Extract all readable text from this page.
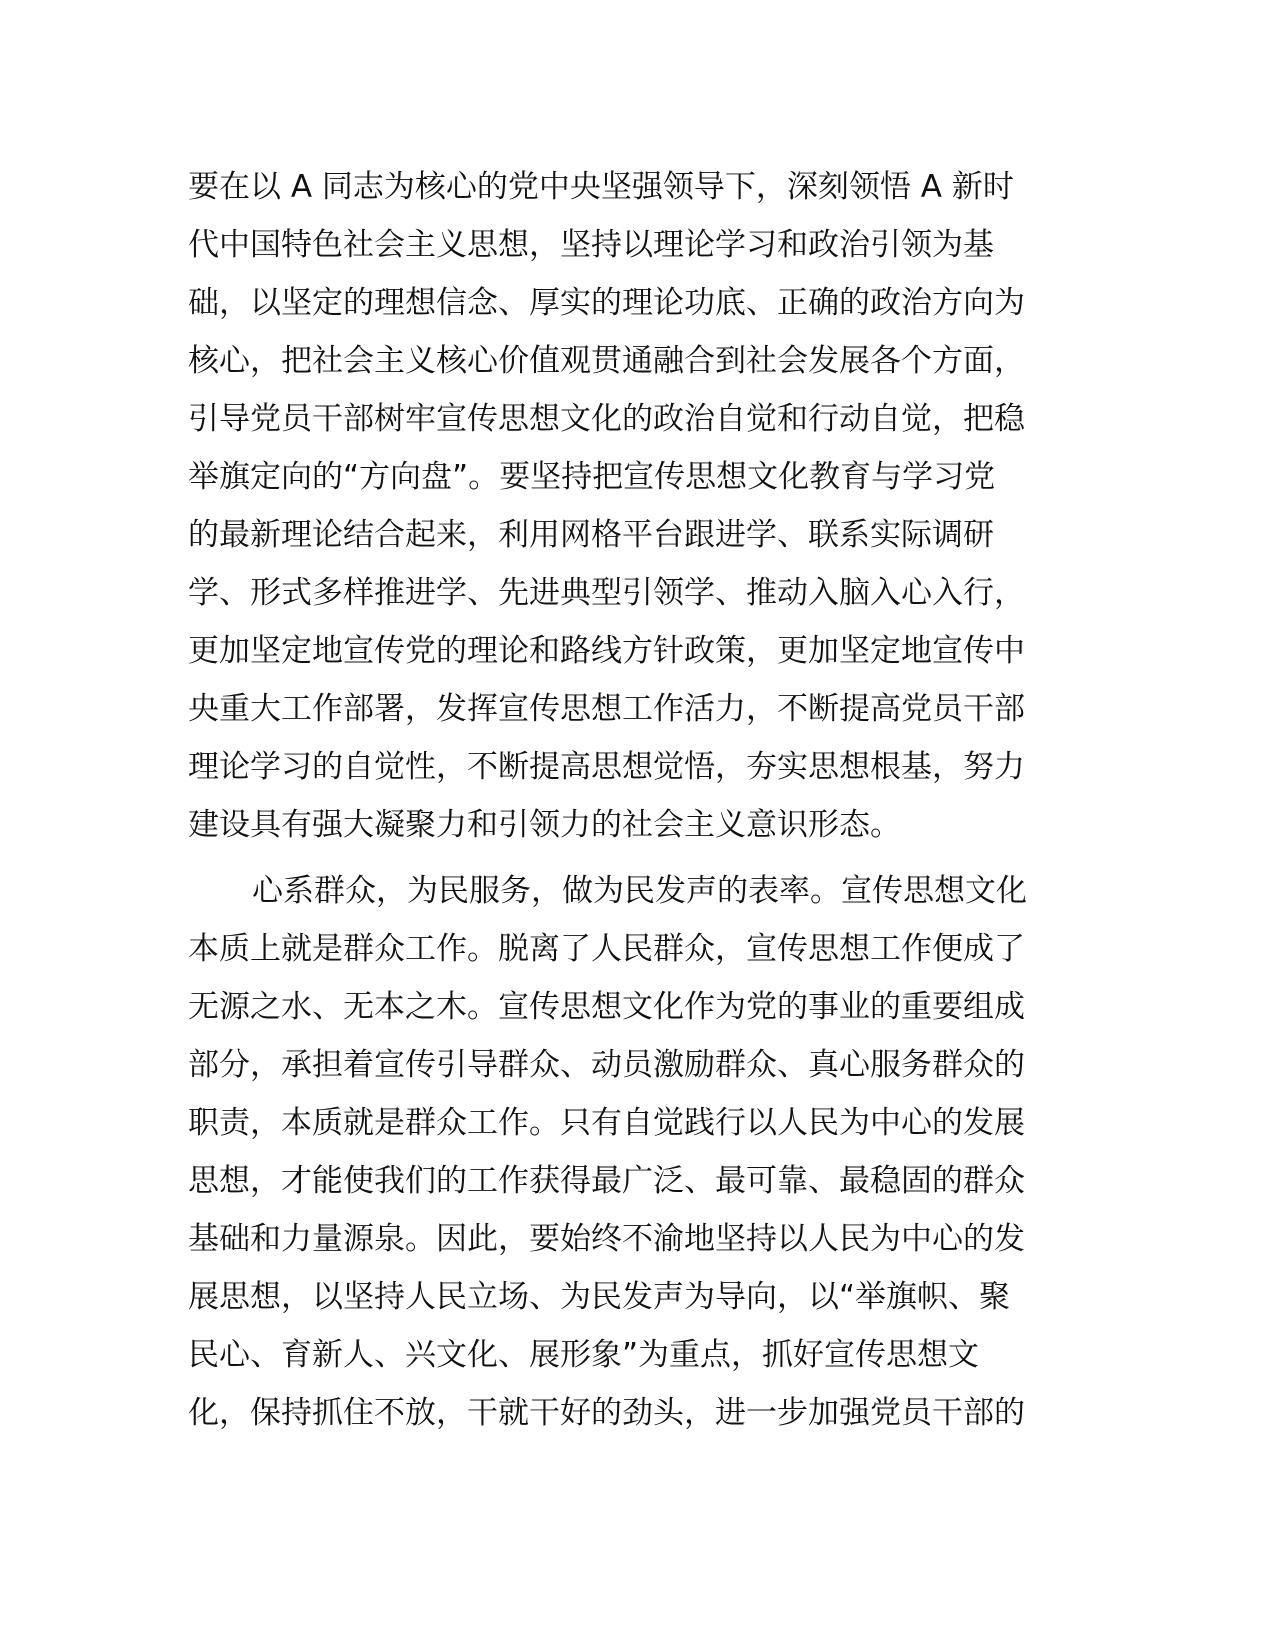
要在以 A 同志为核心的党中央坚强领导下，深刻领悟 A 新时
代中国特色社会主义思想，坚持以理论学习和政治引领为基
础，以坚定的理想信念、厚实的理论功底、正确的政治方向为
核心，把社会主义核心价值观贯通融合到社会发展各个方面，
引导党员干部树牢宣传思想文化的政治自觉和行动自觉，把稳
举旗定向的“方向盘”。要坚持把宣传思想文化教育与学习党
的最新理论结合起来，利用网格平台跟进学、联系实际调研
学、形式多样推进学、先进典型引领学、推动入脑入心入行，
更加坚定地宣传党的理论和路线方针政策，更加坚定地宣传中
央重大工作部署，发挥宣传思想工作活力，不断提高党员干部
理论学习的自觉性，不断提高思想觉悟，夯实思想根基，努力
建设具有强大凝聚力和引领力的社会主义意识形态。
心系群众，为民服务，做为民发声的表率。宣传思想文化
本质上就是群众工作。脱离了人民群众，宣传思想工作便成了
无源之水、无本之木。宣传思想文化作为党的事业的重要组成
部分，承担着宣传引导群众、动员激励群众、真心服务群众的
职责，本质就是群众工作。只有自觉践行以人民为中心的发展
思想，才能使我们的工作获得最广泛、最可靠、最稳固的群众
基础和力量源泉。因此，要始终不渝地坚持以人民为中心的发
展思想，以坚持人民立场、为民发声为导向，以“举旗帜、聚
民心、育新人、兴文化、展形象”为重点，抓好宣传思想文
化，保持抓住不放，干就干好的劲头，进一步加强党员干部的
